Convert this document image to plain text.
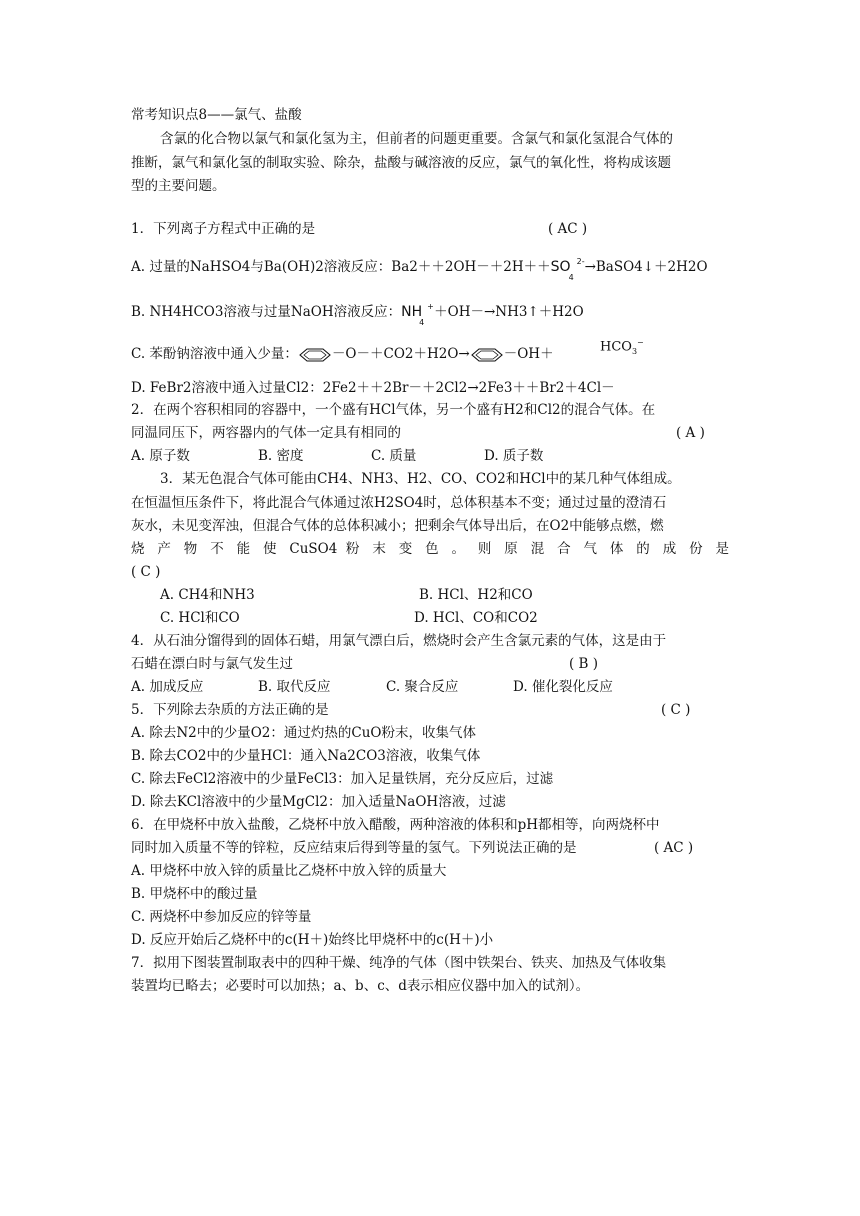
常考知识点8——氯气、盐酸
含氯的化合物以氯气和氯化氢为主，但前者的问题更重要。含氯气和氯化氢混合气体的
推断，氯气和氯化氢的制取实验、除杂，盐酸与碱溶液的反应，氯气的氧化性，将构成该题
型的主要问题。
1．下列离子方程式中正确的是	( AC )
A. 过量的NaHSO4与Ba(OH)2溶液反应：Ba2＋＋2OH－＋2H＋＋SO
4
2- →BaSO4↓＋2H2O
B. NH4HCO3溶液与过量NaOH溶液反应：NH
4
+ ＋OH－→NH3↑＋H2O
C. 苯酚钠溶液中通入少量：	－O－＋CO2＋H2O→	－OH＋	$HCO_3^-$
D. FeBr2溶液中通入过量Cl2：2Fe2＋＋2Br－＋2Cl2→2Fe3＋＋Br2＋4Cl－
2．在两个容积相同的容器中，一个盛有HCl气体，另一个盛有H2和Cl2的混合气体。在
同温同压下，两容器内的气体一定具有相同的	( A )
A. 原子数	B. 密度	C. 质量	D. 质子数
3．某无色混合气体可能由CH4、NH3、H2、CO、CO2和HCl中的某几种气体组成。
在恒温恒压条件下，将此混合气体通过浓H2SO4时，总体积基本不变；通过过量的澄清石
灰水，未见变浑浊，但混合气体的总体积减小；把剩余气体导出后，在O2中能够点燃，燃
烧 产 物 不 能 使 CuSO4 粉 末 变 色 。 则 原 混 合 气 体 的 成 份 是
( C )
A. CH4和NH3	B. HCl、H2和CO
C. HCl和CO	D. HCl、CO和CO2
4．从石油分馏得到的固体石蜡，用氯气漂白后，燃烧时会产生含氯元素的气体，这是由于
石蜡在漂白时与氯气发生过	( B )
A. 加成反应	B. 取代反应	C. 聚合反应	D. 催化裂化反应
5．下列除去杂质的方法正确的是	( C )
A. 除去N2中的少量O2：通过灼热的CuO粉末，收集气体
B. 除去CO2中的少量HCl：通入Na2CO3溶液，收集气体
C. 除去FeCl2溶液中的少量FeCl3：加入足量铁屑，充分反应后，过滤
D. 除去KCl溶液中的少量MgCl2：加入适量NaOH溶液，过滤
6．在甲烧杯中放入盐酸，乙烧杯中放入醋酸，两种溶液的体积和pH都相等，向两烧杯中
同时加入质量不等的锌粒，反应结束后得到等量的氢气。下列说法正确的是	( AC )
A. 甲烧杯中放入锌的质量比乙烧杯中放入锌的质量大
B. 甲烧杯中的酸过量
C. 两烧杯中参加反应的锌等量
D. 反应开始后乙烧杯中的c(H＋)始终比甲烧杯中的c(H＋)小
7．拟用下图装置制取表中的四种干燥、纯净的气体（图中铁架台、铁夹、加热及气体收集
装置均已略去；必要时可以加热；a、b、c、d表示相应仪器中加入的试剂）。
